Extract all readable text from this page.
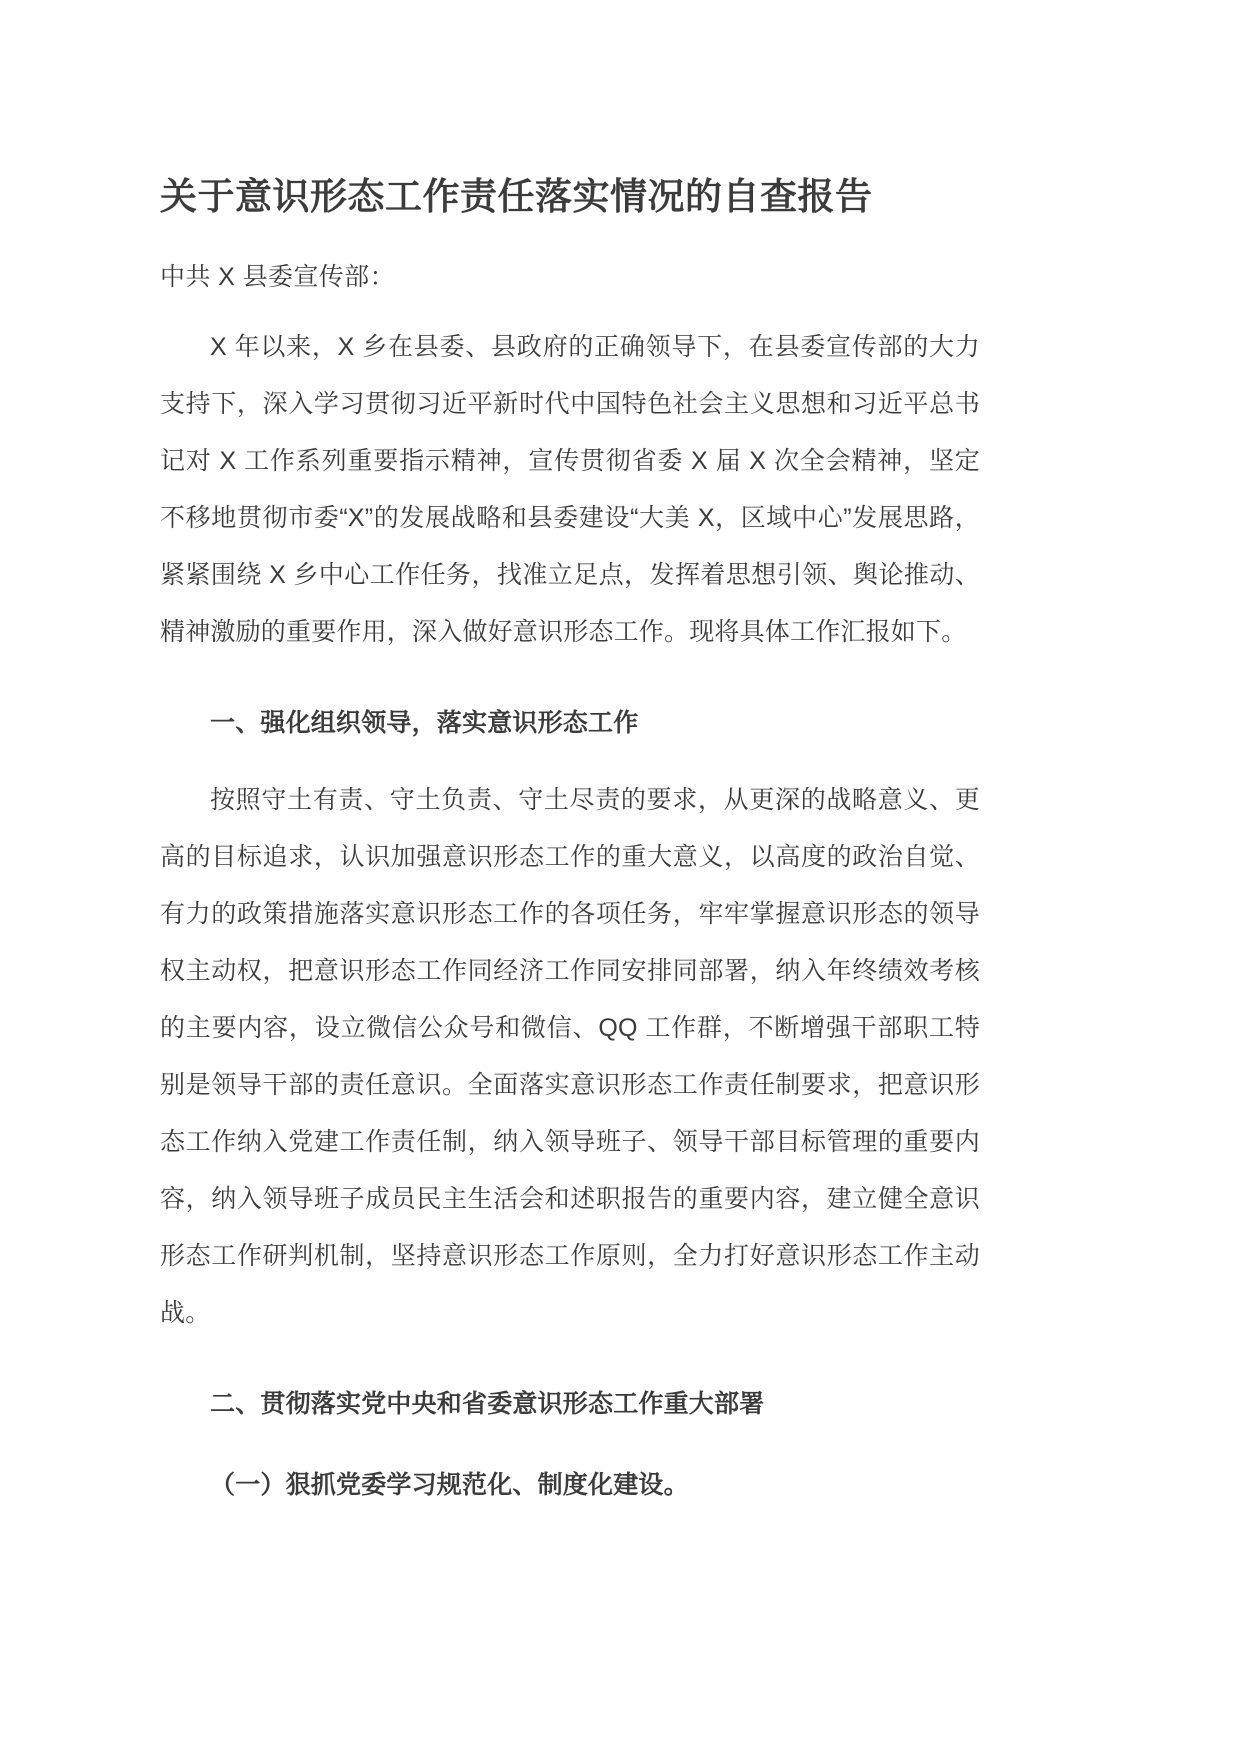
关于意识形态工作责任落实情况的自查报告
中共 X 县委宣传部：

X 年以来，X 乡在县委、县政府的正确领导下，在县委宣传部的大力支持下，深入学习贯彻习近平新时代中国特色社会主义思想和习近平总书记对 X 工作系列重要指示精神，宣传贯彻省委 X 届 X 次全会精神，坚定不移地贯彻市委“X”的发展战略和县委建设“大美 X，区域中心”发展思路，紧紧围绕 X 乡中心工作任务，找准立足点，发挥着思想引领、舆论推动、精神激励的重要作用，深入做好意识形态工作。现将具体工作汇报如下。

一、强化组织领导，落实意识形态工作

按照守土有责、守土负责、守土尽责的要求，从更深的战略意义、更高的目标追求，认识加强意识形态工作的重大意义，以高度的政治自觉、有力的政策措施落实意识形态工作的各项任务，牢牢掌握意识形态的领导权主动权，把意识形态工作同经济工作同安排同部署，纳入年终绩效考核的主要内容，设立微信公众号和微信、QQ 工作群，不断增强干部职工特别是领导干部的责任意识。全面落实意识形态工作责任制要求，把意识形态工作纳入党建工作责任制，纳入领导班子、领导干部目标管理的重要内容，纳入领导班子成员民主生活会和述职报告的重要内容，建立健全意识形态工作研判机制，坚持意识形态工作原则，全力打好意识形态工作主动战。

二、贯彻落实党中央和省委意识形态工作重大部署
（一）狠抓党委学习规范化、制度化建设。
